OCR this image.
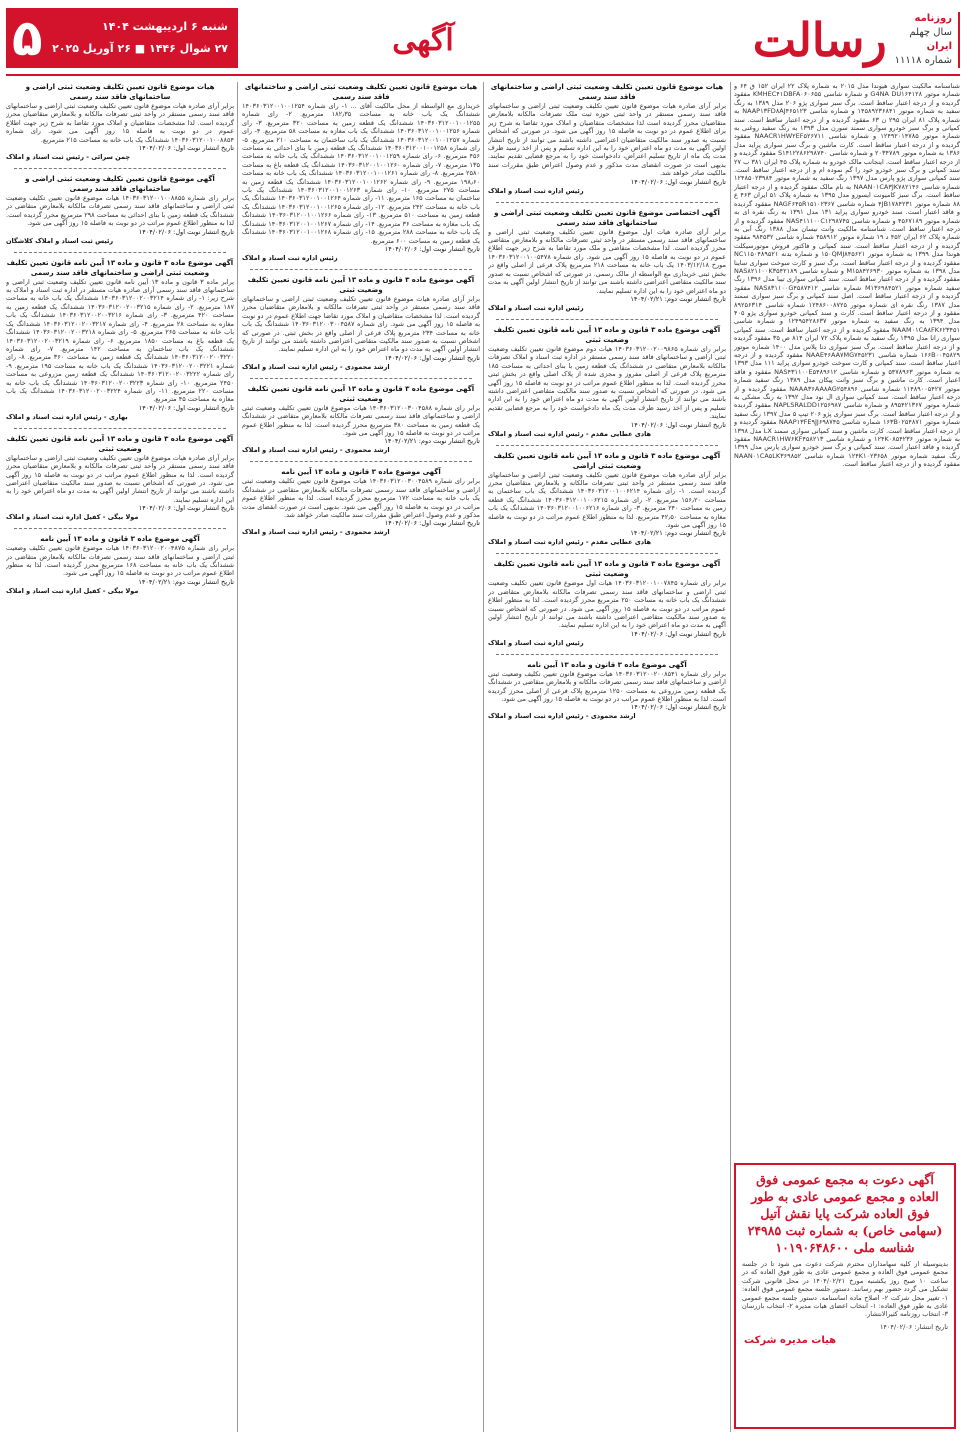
۵	شنبه ۶ اردیبهشت ۱۴۰۴
۲۷ شوال ۱۴۴۶ ■ ۲۶ آوریل ۲۰۲۵	آگهی	رسالت	روزنامه
سال چهلم
ایران
شماره ۱۱۱۱۸
شناسنامه مالکیت سواری هیوندا مدل ۲۰۱۵ به شماره پلاک ۲۲ ایران ۱۵۲ ق ۶۴ و شماره موتور G4NA DU۱۶۴۱۲۸ و شماره شاسی KMHEC۴۱DBFA۰۶۰۶۵۵ مفقود گردیده و از درجه اعتبار ساقط است. برگ سبز سواری پژو ۲۰۶ مدل ۱۳۸۹ به رنگ سفید به شماره موتور ۱۴۵۸۹۲۳۶۸۴۱ و شماره شاسی NAAP۱۳FD۸AJ۴۶۵۱۲۳ به شماره پلاک ۸۱ ایران ۲۹۵ ن ۶۳ مفقود گردیده و از درجه اعتبار ساقط است. سند کمپانی و برگ سبز خودرو سواری سمند سورن مدل ۱۳۹۳ به رنگ سفید روغنی به شماره موتور ۱۲۴۹۲۰۱۴۷۸۵ و شماره شاسی NAACR۱HW۲EF۵۲۶۷۱۱ مفقود گردیده و از درجه اعتبار ساقط است. کارت ماشین و برگ سبز سواری پراید مدل ۱۳۸۶ به شماره موتور ۲۰۳۴۷۸۹ و شماره شاسی S۱۴۱۲۲۸۶۲۹۸۷۴۰ مفقود گردیده و از درجه اعتبار ساقط است. اینجانب مالک خودرو به شماره پلاک ۴۵ ایران ۳۸۱ ب ۲۷ سند کمپانی و برگ سبز خودرو خود را گم نموده ام و از درجه اعتبار ساقط است. سند کمپانی سواری پژو پارس مدل ۱۳۹۷ رنگ سفید به شماره موتور ۱۲۴۸۵۰۲۳۹۸۴ شماره شاسی NAAN۰۱CA۳JK۷۸۲۱۴۶ به نام مالک مفقود گردیده و از درجه اعتبار ساقط است. برگ سبز کامیونت ایسوزو مدل ۱۳۹۵ به شماره پلاک ۵۱ ایران ۴۶۳ ع ۸۸ شماره موتور ۴JB۱۷۸۴۲۳۱ شماره شاسی NAGF۶۴۵R۱۵۱۰۲۳۶۷ مفقود گردیده و فاقد اعتبار است. سند خودرو سواری پراید ۱۳۱ مدل ۱۳۹۱ به رنگ نقره ای به شماره موتور ۴۵۶۷۱۸۹ و شماره شاسی NAS۴۱۱۱۰۰C۱۲۹۸۷۴۵ مفقود گردیده و از درجه اعتبار ساقط است. شناسنامه مالکیت وانت نیسان مدل ۱۳۸۸ رنگ آبی به شماره پلاک ۶۲ ایران ۴۵۲ د ۱۹ شماره موتور ۴۵۸۹۱۲ شماره شاسی ۹۸۴۵۳۲ مفقود گردیده و از درجه اعتبار ساقط است. سند کمپانی و فاکتور فروش موتورسیکلت هوندا مدل ۱۳۹۹ به شماره موتور ۱۵۰QMJ۸۴۵۶۲۱ و شماره بدنه NC۱۱۵۰۴۸۹۵۲۱ مفقود گردیده و از درجه اعتبار ساقط است. برگ سبز و کارت سوخت سواری ساینا مدل ۱۳۹۸ به شماره موتور M۱۵۸۴۲۶۹۳۰ و شماره شاسی NAS۸۲۱۱۰۰K۳۵۴۲۱۸۹ مفقود گردیده و از درجه اعتبار ساقط است. سند کمپانی سواری تیبا مدل ۱۳۹۶ رنگ سفید شماره موتور M۱۳۶۹۸۴۵۲۱ شماره شاسی NAS۸۳۱۱۰۰G۴۵۸۷۴۱۲ مفقود گردیده و از درجه اعتبار ساقط است. اصل سند کمپانی و برگ سبز سواری سمند مدل ۱۳۸۷ رنگ نقره ای شماره موتور ۱۲۴۸۶۰۰۸۷۲۵ شماره شاسی ۸۹۲۵۶۳۱۴ مفقود و از درجه اعتبار ساقط است. کارت و سند کمپانی خودرو سواری پژو ۴۰۵ مدل ۱۳۹۴ به رنگ سفید به شماره موتور ۱۲۴۹۵۴۲۸۶۳۷ و شماره شاسی NAAM۰۱CA۸FK۶۲۳۴۵۱ مفقود گردیده و از درجه اعتبار ساقط است. سند کمپانی سواری رانا مدل ۱۳۹۵ رنگ سفید به شماره پلاک ۷۲ ایران ۸۱۴ ص ۳۵ مفقود گردیده و از درجه اعتبار ساقط است. برگ سبز سواری دنا پلاس مدل ۱۴۰۰ شماره موتور ۱۶۶B۰۰۴۵۸۲۹ شماره شاسی NAAE۴۶AA۷MG۷۴۵۲۳۱ مفقود گردیده و از درجه اعتبار ساقط است. سند کمپانی و کارت سوخت خودرو سواری پراید ۱۱۱ مدل ۱۳۹۳ به شماره موتور ۵۴۷۸۹۶۳ و شماره شاسی NAS۴۳۱۱۰۰E۵۴۸۹۶۱۲ مفقود و فاقد اعتبار است. کارت ماشین و برگ سبز وانت پیکان مدل ۱۳۸۹ رنگ سفید شماره موتور ۱۱۴۸۹۰۰۵۴۲۷ شماره شاسی NAAA۳۶AA۸AG۲۵۴۸۹۶ مفقود گردیده و از درجه اعتبار ساقط است. سند کمپانی سواری ال نود مدل ۱۳۹۲ به رنگ مشکی به شماره موتور ۸۹۵۴۲۱۳۶۷ و شماره شاسی NAPLSRALDD۱۲۵۶۹۸۷ مفقود گردیده و از درجه اعتبار ساقط است. برگ سبز سواری پژو ۲۰۶ تیپ ۵ مدل ۱۳۹۷ رنگ سفید شماره موتور ۱۶۳B۰۲۵۴۸۷۱ شماره شاسی NAAP۱۳FE۹JJ۶۹۸۷۴۵ مفقود گردیده و از درجه اعتبار ساقط است. کارت ماشین و سند کمپانی سواری سمند LX مدل ۱۳۹۸ به شماره موتور ۱۲۴K۰۸۵۴۲۳۶ و شماره شاسی NAACR۱HW۶KF۴۵۸۲۱۳ مفقود گردیده و فاقد اعتبار است. سند کمپانی و برگ سبز خودرو سواری پارس مدل ۱۳۹۹ رنگ سفید شماره موتور ۱۲۴K۱۰۲۳۶۵۸ شماره شاسی NAAN۰۱CA۵LK۳۶۹۸۵۲ مفقود گردیده و از درجه اعتبار ساقط است.
هیات موضوع قانون تعیین تکلیف وضعیت ثبتی اراضی و ساختمانهای فاقد سند رسمی
برابر آرای صادره هیات موضوع قانون تعیین تکلیف وضعیت ثبتی اراضی و ساختمانهای فاقد سند رسمی مستقر در واحد ثبتی حوزه ثبت ملک تصرفات مالکانه بلامعارض متقاضیان محرز گردیده است لذا مشخصات متقاضیان و املاک مورد تقاضا به شرح زیر برای اطلاع عموم در دو نوبت به فاصله ۱۵ روز آگهی می شود. در صورتی که اشخاص نسبت به صدور سند مالکیت متقاضیان اعتراضی داشته باشند می توانند از تاریخ انتشار اولین آگهی به مدت دو ماه اعتراض خود را به این اداره تسلیم و پس از اخذ رسید ظرف مدت یک ماه از تاریخ تسلیم اعتراض، دادخواست خود را به مرجع قضایی تقدیم نمایند. بدیهی است در صورت انقضای مدت مذکور و عدم وصول اعتراض طبق مقررات سند مالکیت صادر خواهد شد.
تاریخ انتشار نوبت اول: ۱۴۰۴/۰۲/۰۶
رئیس اداره ثبت اسناد و املاک
آگهی اختصاصی موضوع قانون تعیین تکلیف وضعیت ثبتی اراضی و ساختمانهای فاقد سند رسمی
برابر آرای صادره هیات اول موضوع قانون تعیین تکلیف وضعیت ثبتی اراضی و ساختمانهای فاقد سند رسمی مستقر در واحد ثبتی تصرفات مالکانه و بلامعارض متقاضی محرز گردیده است. لذا مشخصات متقاضی و ملک مورد تقاضا به شرح زیر جهت اطلاع عموم در دو نوبت به فاصله ۱۵ روز آگهی می شود. رای شماره ۱۴۰۳۶۰۳۱۲۰۰۱۰۰۵۴۷۸ مورخ ۱۴۰۳/۱۲/۱۸ یک باب خانه به مساحت ۲۱۸ مترمربع پلاک فرعی از اصلی واقع در بخش ثبتی خریداری مع الواسطه از مالک رسمی. در صورتی که اشخاص نسبت به صدور سند مالکیت متقاضی اعتراضی داشته باشند می توانند از تاریخ انتشار اولین آگهی به مدت دو ماه اعتراض خود را به این اداره تسلیم نمایند.
تاریخ انتشار نوبت دوم: ۱۴۰۴/۰۲/۲۱
رئیس اداره ثبت اسناد و املاک
آگهی موضوع ماده ۳ قانون و ماده ۱۳ آیین نامه قانون تعیین تکلیف وضعیت ثبتی
برابر رای شماره ۱۴۰۳۶۰۳۱۲۰۰۲۰۰۹۸۶۵ هیات دوم موضوع قانون تعیین تکلیف وضعیت ثبتی اراضی و ساختمانهای فاقد سند رسمی مستقر در اداره ثبت اسناد و املاک تصرفات مالکانه بلامعارض متقاضی در ششدانگ یک قطعه زمین با بنای احداثی به مساحت ۱۸۵ مترمربع پلاک فرعی از اصلی مفروز و مجزی شده از پلاک اصلی واقع در بخش ثبتی محرز گردیده است. لذا به منظور اطلاع عموم مراتب در دو نوبت به فاصله ۱۵ روز آگهی می شود. در صورتی که اشخاص نسبت به صدور سند مالکیت متقاضی اعتراضی داشته باشند می توانند از تاریخ انتشار اولین آگهی به مدت دو ماه اعتراض خود را به این اداره تسلیم و پس از اخذ رسید ظرف مدت یک ماه دادخواست خود را به مرجع قضایی تقدیم نمایند.
تاریخ انتشار نوبت اول: ۱۴۰۴/۰۲/۰۶
هادی عطایی مقدم - رئیس اداره ثبت اسناد و املاک
آگهی موضوع ماده ۳ قانون و ماده ۱۳ آیین نامه قانون تعیین تکلیف وضعیت ثبتی اراضی
برابر آرای صادره هیات موضوع قانون تعیین تکلیف وضعیت ثبتی اراضی و ساختمانهای فاقد سند رسمی مستقر در واحد ثبتی تصرفات مالکانه و بلامعارض متقاضیان محرز گردیده است. ۱- رای شماره ۱۴۰۳۶۰۳۱۲۰۰۱۰۰۶۲۱۴ ششدانگ یک باب ساختمان به مساحت ۱۵۶٫۲۰ مترمربع. ۲- رای شماره ۱۴۰۳۶۰۳۱۲۰۰۱۰۰۶۲۱۵ ششدانگ یک قطعه زمین به مساحت ۲۴۰ مترمربع. ۳- رای شماره ۱۴۰۳۶۰۳۱۲۰۰۱۰۰۶۲۱۶ ششدانگ یک باب مغازه به مساحت ۴۲٫۵۰ مترمربع. لذا به منظور اطلاع عموم مراتب در دو نوبت به فاصله ۱۵ روز آگهی می شود.
تاریخ انتشار نوبت دوم: ۱۴۰۴/۰۲/۲۱
هادی عطایی مقدم - رئیس اداره ثبت اسناد و املاک
آگهی موضوع ماده ۳ قانون و ماده ۱۳ آیین نامه قانون تعیین تکلیف وضعیت ثبتی
برابر رای شماره ۱۴۰۳۶۰۳۱۲۰۰۱۰۰۷۸۴۵ هیات اول موضوع قانون تعیین تکلیف وضعیت ثبتی اراضی و ساختمانهای فاقد سند رسمی تصرفات مالکانه بلامعارض متقاضی در ششدانگ یک باب خانه به مساحت ۲۵۰ مترمربع محرز گردیده است. لذا به منظور اطلاع عموم مراتب در دو نوبت به فاصله ۱۵ روز آگهی می شود. در صورتی که اشخاص نسبت به صدور سند مالکیت متقاضی اعتراضی داشته باشند می توانند از تاریخ انتشار اولین آگهی به مدت دو ماه اعتراض خود را به این اداره تسلیم نمایند.
تاریخ انتشار نوبت اول: ۱۴۰۴/۰۲/۰۶
رئیس اداره ثبت اسناد و املاک
آگهی موضوع ماده ۳ قانون و ماده ۱۳ آیین نامه
برابر رای شماره ۱۴۰۳۶۰۳۱۲۰۰۲۰۰۸۵۴۱ هیات موضوع قانون تعیین تکلیف وضعیت ثبتی اراضی و ساختمانهای فاقد سند رسمی تصرفات مالکانه و بلامعارض متقاضی در ششدانگ یک قطعه زمین مزروعی به مساحت ۱۲۵۰ مترمربع پلاک فرعی از اصلی محرز گردیده است. لذا به منظور اطلاع عموم مراتب در دو نوبت به فاصله ۱۵ روز آگهی می شود.
تاریخ انتشار نوبت اول: ۱۴۰۴/۰۲/۰۶
ارشد محمودی - رئیس اداره ثبت اسناد و املاک
هیات موضوع قانون تعیین تکلیف وضعیت ثبتی اراضی و ساختمانهای فاقد سند رسمی
خریداری مع الواسطه از محل مالکیت آقای ... ۱- رای شماره ۱۴۰۳۶۰۳۱۲۰۰۱۰۰۱۲۵۴ ششدانگ یک باب خانه به مساحت ۱۸۲٫۳۵ مترمربع. ۲- رای شماره ۱۴۰۳۶۰۳۱۲۰۰۱۰۰۱۲۵۵ ششدانگ یک قطعه زمین به مساحت ۳۲۰ مترمربع. ۳- رای شماره ۱۴۰۳۶۰۳۱۲۰۰۱۰۰۱۲۵۶ ششدانگ یک باب مغازه به مساحت ۵۸ مترمربع. ۴- رای شماره ۱۴۰۳۶۰۳۱۲۰۰۱۰۰۱۲۵۷ ششدانگ یک باب ساختمان به مساحت ۲۱۰ مترمربع. ۵- رای شماره ۱۴۰۳۶۰۳۱۲۰۰۱۰۰۱۲۵۸ ششدانگ یک قطعه زمین با بنای احداثی به مساحت ۴۵۶ مترمربع. ۶- رای شماره ۱۴۰۳۶۰۳۱۲۰۰۱۰۰۱۲۵۹ ششدانگ یک باب خانه به مساحت ۱۳۵ مترمربع. ۷- رای شماره ۱۴۰۳۶۰۳۱۲۰۰۱۰۰۱۲۶۰ ششدانگ یک قطعه باغ به مساحت ۲۵۸۰ مترمربع. ۸- رای شماره ۱۴۰۳۶۰۳۱۲۰۰۱۰۰۱۲۶۱ ششدانگ یک باب خانه به مساحت ۱۹۸٫۶۰ مترمربع. ۹- رای شماره ۱۴۰۳۶۰۳۱۲۰۰۱۰۰۱۲۶۲ ششدانگ یک قطعه زمین به مساحت ۲۷۵ مترمربع. ۱۰- رای شماره ۱۴۰۳۶۰۳۱۲۰۰۱۰۰۱۲۶۳ ششدانگ یک باب ساختمان به مساحت ۱۶۵ مترمربع. ۱۱- رای شماره ۱۴۰۳۶۰۳۱۲۰۰۱۰۰۱۲۶۴ ششدانگ یک باب خانه به مساحت ۲۴۲ مترمربع. ۱۲- رای شماره ۱۴۰۳۶۰۳۱۲۰۰۱۰۰۱۲۶۵ ششدانگ یک قطعه زمین به مساحت ۵۱۰ مترمربع. ۱۳- رای شماره ۱۴۰۳۶۰۳۱۲۰۰۱۰۰۱۲۶۶ ششدانگ یک باب مغازه به مساحت ۳۶ مترمربع. ۱۴- رای شماره ۱۴۰۳۶۰۳۱۲۰۰۱۰۰۱۲۶۷ ششدانگ یک باب خانه به مساحت ۲۸۸ مترمربع. ۱۵- رای شماره ۱۴۰۳۶۰۳۱۲۰۰۱۰۰۱۲۶۸ ششدانگ یک قطعه زمین به مساحت ۶۰۰ مترمربع.
تاریخ انتشار نوبت اول: ۱۴۰۴/۰۲/۰۶
رئیس اداره ثبت اسناد و املاک
آگهی موضوع ماده ۳ قانون و ماده ۱۳ آیین نامه قانون تعیین تکلیف وضعیت ثبتی
برابر آرای صادره هیات موضوع قانون تعیین تکلیف وضعیت ثبتی اراضی و ساختمانهای فاقد سند رسمی مستقر در واحد ثبتی تصرفات مالکانه و بلامعارض متقاضیان محرز گردیده است. لذا مشخصات متقاضیان و املاک مورد تقاضا جهت اطلاع عموم در دو نوبت به فاصله ۱۵ روز آگهی می شود. رای شماره ۱۴۰۳۶۰۳۱۲۰۰۳۰۰۴۵۸۷ ششدانگ یک باب خانه به مساحت ۲۳۴ مترمربع پلاک فرعی از اصلی واقع در بخش ثبتی. در صورتی که اشخاص نسبت به صدور سند مالکیت متقاضی اعتراضی داشته باشند می توانند از تاریخ انتشار اولین آگهی به مدت دو ماه اعتراض خود را به این اداره تسلیم نمایند.
تاریخ انتشار نوبت اول: ۱۴۰۴/۰۲/۰۶
ارشد محمودی - رئیس اداره ثبت اسناد و املاک
آگهی موضوع ماده ۳ قانون و ماده ۱۳ آیین نامه قانون تعیین تکلیف وضعیت ثبتی
برابر رای شماره ۱۴۰۳۶۰۳۱۲۰۰۳۰۰۴۵۸۸ هیات موضوع قانون تعیین تکلیف وضعیت ثبتی اراضی و ساختمانهای فاقد سند رسمی تصرفات مالکانه بلامعارض متقاضی در ششدانگ یک قطعه زمین به مساحت ۳۸۰ مترمربع محرز گردیده است. لذا به منظور اطلاع عموم مراتب در دو نوبت به فاصله ۱۵ روز آگهی می شود.
تاریخ انتشار نوبت دوم: ۱۴۰۴/۰۲/۲۱
ارشد محمودی - رئیس اداره ثبت اسناد و املاک
آگهی موضوع ماده ۳ قانون و ماده ۱۳ آیین نامه
برابر رای شماره ۱۴۰۳۶۰۳۱۲۰۰۳۰۰۴۵۸۹ هیات موضوع قانون تعیین تکلیف وضعیت ثبتی اراضی و ساختمانهای فاقد سند رسمی تصرفات مالکانه بلامعارض متقاضی در ششدانگ یک باب خانه به مساحت ۱۷۲ مترمربع محرز گردیده است. لذا به منظور اطلاع عموم مراتب در دو نوبت به فاصله ۱۵ روز آگهی می شود. بدیهی است در صورت انقضای مدت مذکور و عدم وصول اعتراض طبق مقررات سند مالکیت صادر خواهد شد.
تاریخ انتشار نوبت اول: ۱۴۰۴/۰۲/۰۶
ارشد محمودی - رئیس اداره ثبت اسناد و املاک
هیات موضوع قانون تعیین تکلیف وضعیت ثبتی اراضی و ساختمانهای فاقد سند رسمی
برابر آرای صادره هیات موضوع قانون تعیین تکلیف وضعیت ثبتی اراضی و ساختمانهای فاقد سند رسمی مستقر در واحد ثبتی تصرفات مالکانه و بلامعارض متقاضیان محرز گردیده است. لذا مشخصات متقاضیان و املاک مورد تقاضا به شرح زیر جهت اطلاع عموم در دو نوبت به فاصله ۱۵ روز آگهی می شود. رای شماره ۱۴۰۳۶۰۳۱۲۰۰۱۰۰۸۸۵۴ ششدانگ یک باب خانه به مساحت ۲۱۵ مترمربع.
تاریخ انتشار نوبت اول: ۱۴۰۴/۰۲/۰۶
چمن سرائی - رئیس ثبت اسناد و املاک
آگهی موضوع قانون تعیین تکلیف وضعیت ثبتی اراضی و ساختمانهای فاقد سند رسمی
برابر رای شماره ۱۴۰۳۶۰۳۱۲۰۰۱۰۰۸۸۵۵ هیات موضوع قانون تعیین تکلیف وضعیت ثبتی اراضی و ساختمانهای فاقد سند رسمی تصرفات مالکانه بلامعارض متقاضی در ششدانگ یک قطعه زمین با بنای احداثی به مساحت ۲۹۸ مترمربع محرز گردیده است. لذا به منظور اطلاع عموم مراتب در دو نوبت به فاصله ۱۵ روز آگهی می شود.
تاریخ انتشار نوبت اول: ۱۴۰۴/۰۲/۰۶
رئیس ثبت اسناد و املاک کلاشگان
آگهی موضوع ماده ۳ قانون و ماده ۱۳ آیین نامه قانون تعیین تکلیف وضعیت ثبتی اراضی و ساختمانهای فاقد سند رسمی
برابر ماده ۳ قانون و ماده ۱۳ آیین نامه قانون تعیین تکلیف وضعیت ثبتی اراضی و ساختمانهای فاقد سند رسمی آرای صادره هیات مستقر در اداره ثبت اسناد و املاک به شرح زیر: ۱- رای شماره ۱۴۰۳۶۰۳۱۲۰۰۲۰۰۳۲۱۴ ششدانگ یک باب خانه به مساحت ۱۸۷ مترمربع. ۲- رای شماره ۱۴۰۳۶۰۳۱۲۰۰۲۰۰۳۲۱۵ ششدانگ یک قطعه زمین به مساحت ۴۲۰ مترمربع. ۳- رای شماره ۱۴۰۳۶۰۳۱۲۰۰۲۰۰۳۲۱۶ ششدانگ یک باب مغازه به مساحت ۲۸ مترمربع. ۴- رای شماره ۱۴۰۳۶۰۳۱۲۰۰۲۰۰۳۲۱۷ ششدانگ یک باب خانه به مساحت ۲۶۵ مترمربع. ۵- رای شماره ۱۴۰۳۶۰۳۱۲۰۰۲۰۰۳۲۱۸ ششدانگ یک قطعه باغ به مساحت ۱۸۵۰ مترمربع. ۶- رای شماره ۱۴۰۳۶۰۳۱۲۰۰۲۰۰۳۲۱۹ ششدانگ یک باب ساختمان به مساحت ۱۴۲ مترمربع. ۷- رای شماره ۱۴۰۳۶۰۳۱۲۰۰۲۰۰۳۲۲۰ ششدانگ یک قطعه زمین به مساحت ۳۶۰ مترمربع. ۸- رای شماره ۱۴۰۳۶۰۳۱۲۰۰۲۰۰۳۲۲۱ ششدانگ یک باب خانه به مساحت ۱۹۵ مترمربع. ۹- رای شماره ۱۴۰۳۶۰۳۱۲۰۰۲۰۰۳۲۲۲ ششدانگ یک قطعه زمین مزروعی به مساحت ۲۴۵۰ مترمربع. ۱۰- رای شماره ۱۴۰۳۶۰۳۱۲۰۰۲۰۰۳۲۲۳ ششدانگ یک باب خانه به مساحت ۲۲۰ مترمربع. ۱۱- رای شماره ۱۴۰۳۶۰۳۱۲۰۰۲۰۰۳۲۲۴ ششدانگ یک باب مغازه به مساحت ۴۵ مترمربع.
تاریخ انتشار نوبت اول: ۱۴۰۴/۰۲/۰۶
بهاری - رئیس اداره ثبت اسناد و املاک
آگهی موضوع ماده ۳ قانون و ماده ۱۳ آیین نامه قانون تعیین تکلیف وضعیت ثبتی
برابر آرای صادره هیات موضوع قانون تعیین تکلیف وضعیت ثبتی اراضی و ساختمانهای فاقد سند رسمی مستقر در واحد ثبتی تصرفات مالکانه و بلامعارض متقاضیان محرز گردیده است. لذا به منظور اطلاع عموم مراتب در دو نوبت به فاصله ۱۵ روز آگهی می شود. در صورتی که اشخاص نسبت به صدور سند مالکیت متقاضیان اعتراضی داشته باشند می توانند از تاریخ انتشار اولین آگهی به مدت دو ماه اعتراض خود را به این اداره تسلیم نمایند.
تاریخ انتشار نوبت اول: ۱۴۰۴/۰۲/۰۶
مولا بیگی - کفیل اداره ثبت اسناد و املاک
آگهی موضوع ماده ۳ قانون و ماده ۱۳ آیین نامه
برابر رای شماره ۱۴۰۳۶۰۳۱۲۰۰۲۰۰۴۸۷۵ هیات موضوع قانون تعیین تکلیف وضعیت ثبتی اراضی و ساختمانهای فاقد سند رسمی تصرفات مالکانه بلامعارض متقاضی در ششدانگ یک باب خانه به مساحت ۱۶۸ مترمربع محرز گردیده است. لذا به منظور اطلاع عموم مراتب در دو نوبت به فاصله ۱۵ روز آگهی می شود.
تاریخ انتشار نوبت دوم: ۱۴۰۴/۰۲/۲۱
مولا بیگی - کفیل اداره ثبت اسناد و املاک
آگهی دعوت به مجمع عمومی فوق العاده و مجمع عمومی عادی به طور فوق العاده شرکت پایا نقش آتیل (سهامی خاص) به شماره ثبت ۲۴۹۸۵ شناسه ملی ۱۰۱۹۰۶۴۸۶۰۰
بدینوسیله از کلیه سهامداران محترم شرکت دعوت می شود تا در جلسه مجمع عمومی فوق العاده و مجمع عمومی عادی به طور فوق العاده که در ساعت ۱۰ صبح روز یکشنبه مورخ ۱۴۰۴/۰۲/۲۱ در محل قانونی شرکت تشکیل می گردد حضور بهم رسانند. دستور جلسه مجمع عمومی فوق العاده: ۱- تغییر محل شرکت ۲- اصلاح ماده اساسنامه. دستور جلسه مجمع عمومی عادی به طور فوق العاده: ۱- انتخاب اعضای هیات مدیره ۲- انتخاب بازرسان ۳- انتخاب روزنامه کثیرالانتشار.
تاریخ انتشار: ۱۴۰۴/۰۲/۰۶
هیات مدیره شرکت
